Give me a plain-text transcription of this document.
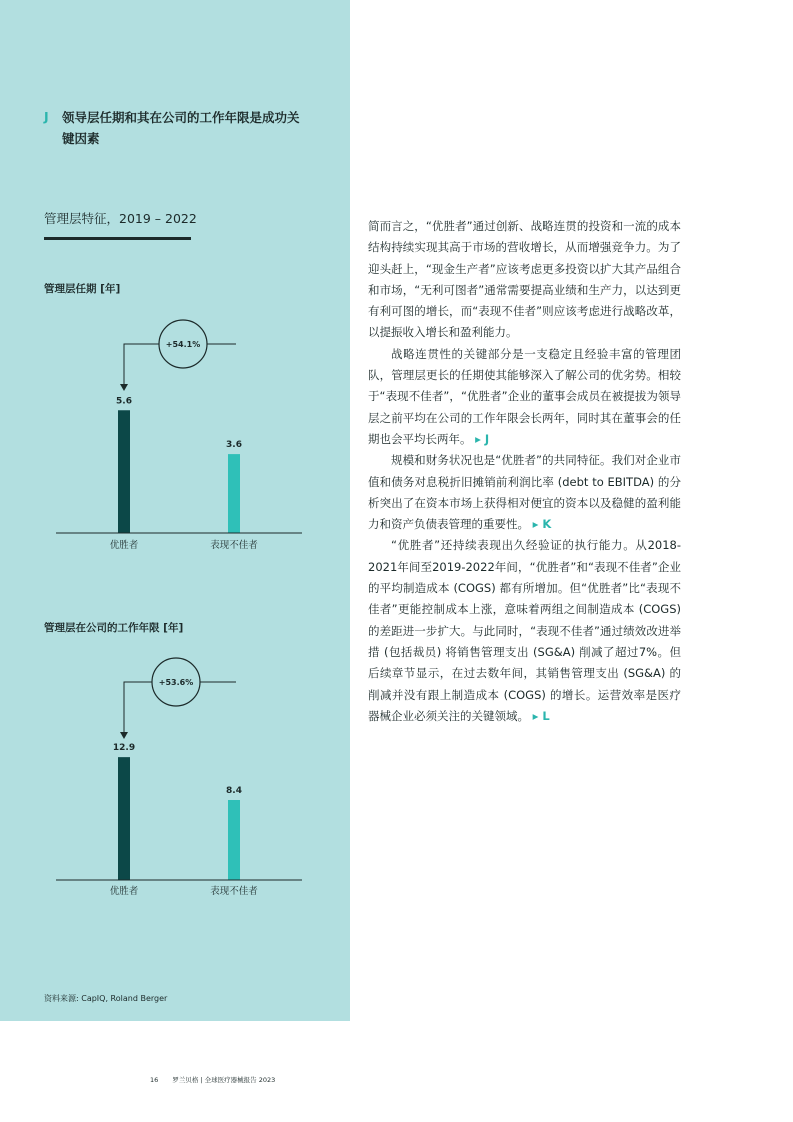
J 领导层任期和其在公司的工作年限是成功关键因素
管理层特征，2019 – 2022
管理层任期 [年]
+54.1%
5.6
3.6
优胜者	表现不佳者
管理层在公司的工作年限 [年]
+53.6%
12.9
8.4
优胜者	表现不佳者
资料来源: CapIQ, Roland Berger

简而言之，“优胜者”通过创新、战略连贯的投资和一流的成本结构持续实现其高于市场的营收增长，从而增强竞争力。为了迎头赶上，“现金生产者”应该考虑更多投资以扩大其产品组合和市场，“无利可图者”通常需要提高业绩和生产力，以达到更有利可图的增长，而“表现不佳者”则应该考虑进行战略改革，以提振收入增长和盈利能力。

战略连贯性的关键部分是一支稳定且经验丰富的管理团队，管理层更长的任期使其能够深入了解公司的优劣势。相较于“表现不佳者”，“优胜者”企业的董事会成员在被提拔为领导层之前平均在公司的工作年限会长两年，同时其在董事会的任期也会平均长两年。 ▸ J

规模和财务状况也是“优胜者”的共同特征。我们对企业市值和债务对息税折旧摊销前利润比率 (debt to EBITDA) 的分析突出了在资本市场上获得相对便宜的资本以及稳健的盈利能力和资产负债表管理的重要性。 ▸ K

“优胜者”还持续表现出久经验证的执行能力。从2018-2021年间至2019-2022年间，“优胜者”和“表现不佳者”企业的平均制造成本 (COGS) 都有所增加。但“优胜者”比“表现不佳者”更能控制成本上涨，意味着两组之间制造成本 (COGS) 的差距进一步扩大。与此同时，“表现不佳者”通过绩效改进举措 (包括裁员) 将销售管理支出 (SG&A) 削减了超过7%。但后续章节显示，在过去数年间，其销售管理支出 (SG&A) 的削减并没有跟上制造成本 (COGS) 的增长。运营效率是医疗器械企业必须关注的关键领域。 ▸ L

16 罗兰贝格 | 全球医疗器械报告 2023
